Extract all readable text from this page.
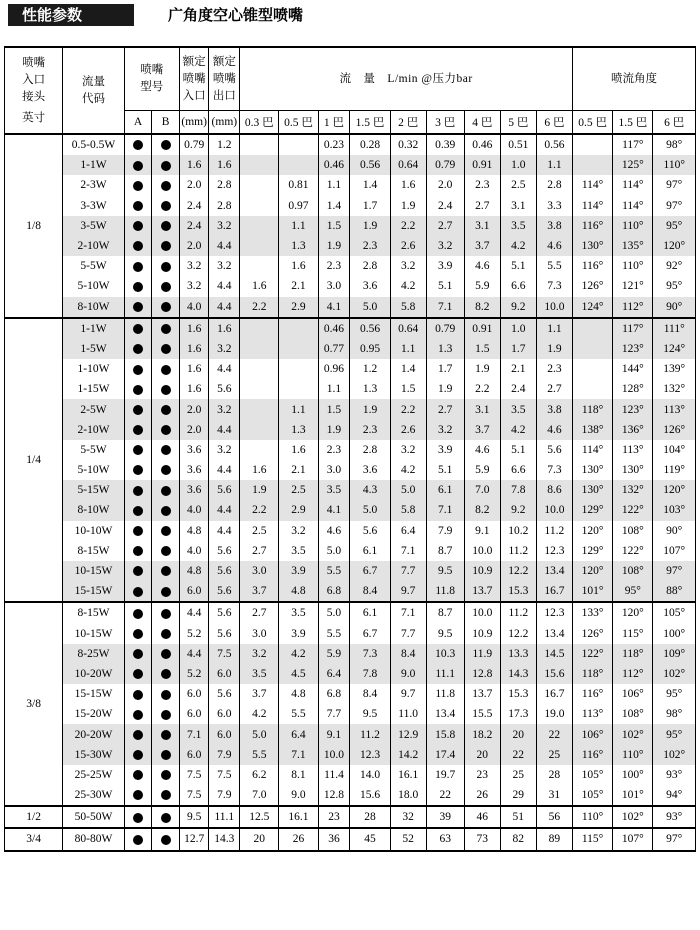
性能参数	广角度空心锥型喷嘴
喷嘴入口接头
英寸	流量代码	喷嘴型号		额定喷嘴入口	额定喷嘴出口	流　量　L/min @压力bar									喷流角度		
		A	B	(mm)	(mm)	0.3 巴	0.5 巴	1 巴	1.5 巴	2 巴	3 巴	4 巴	5 巴	6 巴	0.5 巴	1.5 巴	6 巴
1/8	0.5-0.5W			0.79	1.2			0.23	0.28	0.32	0.39	0.46	0.51	0.56		117°	98°
	1-1W			1.6	1.6			0.46	0.56	0.64	0.79	0.91	1.0	1.1		125°	110°
	2-3W			2.0	2.8		0.81	1.1	1.4	1.6	2.0	2.3	2.5	2.8	114°	114°	97°
	3-3W			2.4	2.8		0.97	1.4	1.7	1.9	2.4	2.7	3.1	3.3	114°	114°	97°
	3-5W			2.4	3.2		1.1	1.5	1.9	2.2	2.7	3.1	3.5	3.8	116°	110°	95°
	2-10W			2.0	4.4		1.3	1.9	2.3	2.6	3.2	3.7	4.2	4.6	130°	135°	120°
	5-5W			3.2	3.2		1.6	2.3	2.8	3.2	3.9	4.6	5.1	5.5	116°	110°	92°
	5-10W			3.2	4.4	1.6	2.1	3.0	3.6	4.2	5.1	5.9	6.6	7.3	126°	121°	95°
	8-10W			4.0	4.4	2.2	2.9	4.1	5.0	5.8	7.1	8.2	9.2	10.0	124°	112°	90°
1/4	1-1W			1.6	1.6			0.46	0.56	0.64	0.79	0.91	1.0	1.1		117°	111°
	1-5W			1.6	3.2			0.77	0.95	1.1	1.3	1.5	1.7	1.9		123°	124°
	1-10W			1.6	4.4			0.96	1.2	1.4	1.7	1.9	2.1	2.3		144°	139°
	1-15W			1.6	5.6			1.1	1.3	1.5	1.9	2.2	2.4	2.7		128°	132°
	2-5W			2.0	3.2		1.1	1.5	1.9	2.2	2.7	3.1	3.5	3.8	118°	123°	113°
	2-10W			2.0	4.4		1.3	1.9	2.3	2.6	3.2	3.7	4.2	4.6	138°	136°	126°
	5-5W			3.6	3.2		1.6	2.3	2.8	3.2	3.9	4.6	5.1	5.6	114°	113°	104°
	5-10W			3.6	4.4	1.6	2.1	3.0	3.6	4.2	5.1	5.9	6.6	7.3	130°	130°	119°
	5-15W			3.6	5.6	1.9	2.5	3.5	4.3	5.0	6.1	7.0	7.8	8.6	130°	132°	120°
	8-10W			4.0	4.4	2.2	2.9	4.1	5.0	5.8	7.1	8.2	9.2	10.0	129°	122°	103°
	10-10W			4.8	4.4	2.5	3.2	4.6	5.6	6.4	7.9	9.1	10.2	11.2	120°	108°	90°
	8-15W			4.0	5.6	2.7	3.5	5.0	6.1	7.1	8.7	10.0	11.2	12.3	129°	122°	107°
	10-15W			4.8	5.6	3.0	3.9	5.5	6.7	7.7	9.5	10.9	12.2	13.4	120°	108°	97°
	15-15W			6.0	5.6	3.7	4.8	6.8	8.4	9.7	11.8	13.7	15.3	16.7	101°	95°	88°
3/8	8-15W			4.4	5.6	2.7	3.5	5.0	6.1	7.1	8.7	10.0	11.2	12.3	133°	120°	105°
	10-15W			5.2	5.6	3.0	3.9	5.5	6.7	7.7	9.5	10.9	12.2	13.4	126°	115°	100°
	8-25W			4.4	7.5	3.2	4.2	5.9	7.3	8.4	10.3	11.9	13.3	14.5	122°	118°	109°
	10-20W			5.2	6.0	3.5	4.5	6.4	7.8	9.0	11.1	12.8	14.3	15.6	118°	112°	102°
	15-15W			6.0	5.6	3.7	4.8	6.8	8.4	9.7	11.8	13.7	15.3	16.7	116°	106°	95°
	15-20W			6.0	6.0	4.2	5.5	7.7	9.5	11.0	13.4	15.5	17.3	19.0	113°	108°	98°
	20-20W			7.1	6.0	5.0	6.4	9.1	11.2	12.9	15.8	18.2	20	22	106°	102°	95°
	15-30W			6.0	7.9	5.5	7.1	10.0	12.3	14.2	17.4	20	22	25	116°	110°	102°
	25-25W			7.5	7.5	6.2	8.1	11.4	14.0	16.1	19.7	23	25	28	105°	100°	93°
	25-30W			7.5	7.9	7.0	9.0	12.8	15.6	18.0	22	26	29	31	105°	101°	94°
1/2	50-50W			9.5	11.1	12.5	16.1	23	28	32	39	46	51	56	110°	102°	93°
3/4	80-80W			12.7	14.3	20	26	36	45	52	63	73	82	89	115°	107°	97°
